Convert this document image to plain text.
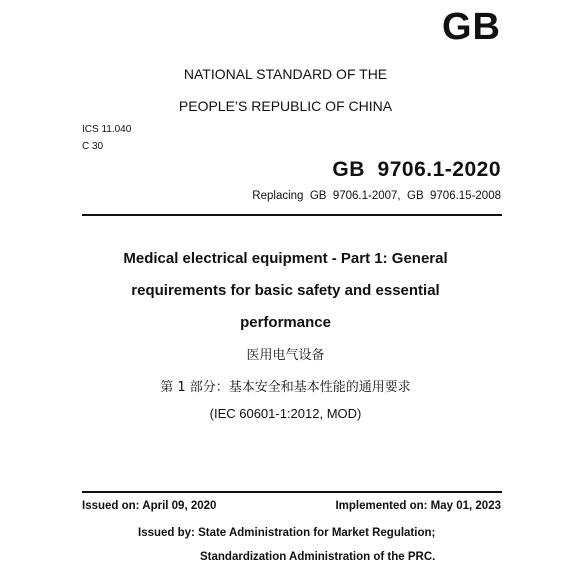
GB
NATIONAL STANDARD OF THE
PEOPLE’S REPUBLIC OF CHINA
ICS 11.040
C 30
GB  9706.1-2020
Replacing  GB  9706.1-2007,  GB  9706.15-2008
Medical electrical equipment - Part 1: General
requirements for basic safety and essential
performance
医用电气设备
第 1 部分：基本安全和基本性能的通用要求
(IEC 60601-1:2012, MOD)
Issued on: April 09, 2020	Implemented on: May 01, 2023
Issued by: State Administration for Market Regulation;
Standardization Administration of the PRC.
